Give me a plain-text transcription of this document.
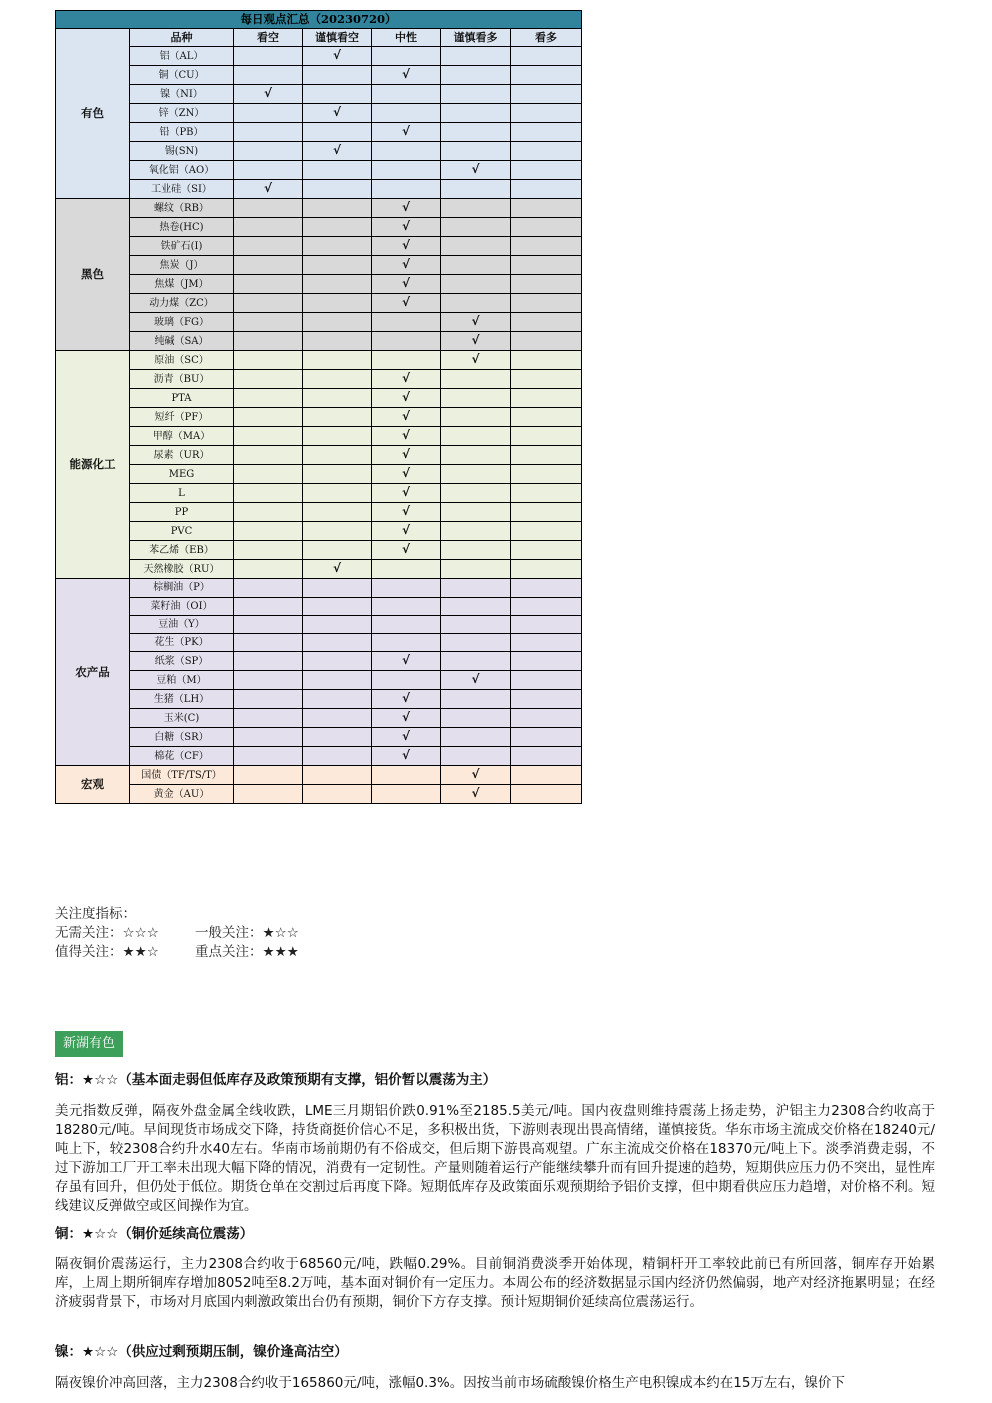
每日观点汇总（20230720）						
有色	品种	看空	谨慎看空	中性	谨慎看多	看多
	铝（AL）		√			
	铜（CU）			√		
	镍（NI）	√				
	锌（ZN）		√			
	铅（PB）			√		
	锡(SN)		√			
	氧化铝（AO）				√	
	工业硅（SI）	√				
黑色	螺纹（RB）			√		
	热卷(HC)			√		
	铁矿石(I)			√		
	焦炭（J）			√		
	焦煤（JM）			√		
	动力煤（ZC）			√		
	玻璃（FG）				√	
	纯碱（SA）				√	
能源化工	原油（SC）				√	
	沥青（BU）			√		
	PTA			√		
	短纤（PF）			√		
	甲醇（MA）			√		
	尿素（UR）			√		
	MEG			√		
	L			√		
	PP			√		
	PVC			√		
	苯乙烯（EB）			√		
	天然橡胶（RU）		√			
农产品	棕榈油（P）					
	菜籽油（OI）					
	豆油（Y）					
	花生（PK）					
	纸浆（SP）			√		
	豆粕（M）				√	
	生猪（LH）			√		
	玉米(C)			√		
	白糖（SR）			√		
	棉花（CF）			√		
宏观	国债（TF/TS/T）				√	
	黄金（AU）				√	
关注度指标：
无需关注：☆☆☆	一般关注：★☆☆
值得关注：★★☆	重点关注：★★★
新湖有色
铝：★☆☆（基本面走弱但低库存及政策预期有支撑，铝价暂以震荡为主）
美元指数反弹，隔夜外盘金属全线收跌，LME三月期铝价跌0.91%至2185.5美元/吨。国内夜盘则维持震荡上扬走势，沪铝主力2308合约收高于18280元/吨。早间现货市场成交下降，持货商挺价信心不足，多积极出货，下游则表现出畏高情绪，谨慎接货。华东市场主流成交价格在18240元/吨上下，较2308合约升水40左右。华南市场前期仍有不俗成交，但后期下游畏高观望。广东主流成交价格在18370元/吨上下。淡季消费走弱，不过下游加工厂开工率未出现大幅下降的情况，消费有一定韧性。产量则随着运行产能继续攀升而有回升提速的趋势，短期供应压力仍不突出，显性库存虽有回升，但仍处于低位。期货仓单在交割过后再度下降。短期低库存及政策面乐观预期给予铝价支撑，但中期看供应压力趋增，对价格不利。短线建议反弹做空或区间操作为宜。
铜：★☆☆（铜价延续高位震荡）
隔夜铜价震荡运行，主力2308合约收于68560元/吨，跌幅0.29%。目前铜消费淡季开始体现，精铜杆开工率较此前已有所回落，铜库存开始累库，上周上期所铜库存增加8052吨至8.2万吨，基本面对铜价有一定压力。本周公布的经济数据显示国内经济仍然偏弱，地产对经济拖累明显；在经济疲弱背景下，市场对月底国内刺激政策出台仍有预期，铜价下方存支撑。预计短期铜价延续高位震荡运行。
镍：★☆☆（供应过剩预期压制，镍价逢高沽空）
隔夜镍价冲高回落，主力2308合约收于165860元/吨，涨幅0.3%。因按当前市场硫酸镍价格生产电积镍成本约在15万左右，镍价下
